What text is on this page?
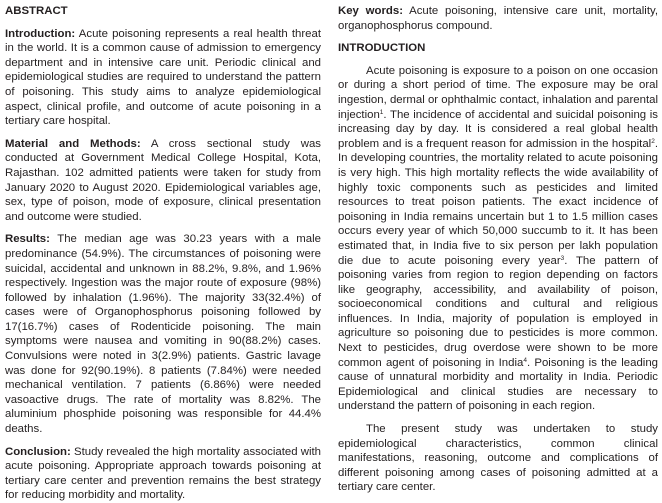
ABSTRACT

Introduction: Acute poisoning represents a real health threat in the world. It is a common cause of admission to emergency department and in intensive care unit. Periodic clinical and epidemiological studies are required to understand the pattern of poisoning. This study aims to analyze epidemiological aspect, clinical profile, and outcome of acute poisoning in a tertiary care hospital.

Material and Methods: A cross sectional study was conducted at Government Medical College Hospital, Kota, Rajasthan. 102 admitted patients were taken for study from January 2020 to August 2020. Epidemiological variables age, sex, type of poison, mode of exposure, clinical presentation and outcome were studied.

Results: The median age was 30.23 years with a male predominance (54.9%). The circumstances of poisoning were suicidal, accidental and unknown in 88.2%, 9.8%, and 1.96% respectively. Ingestion was the major route of exposure (98%) followed by inhalation (1.96%). The majority 33(32.4%) of cases were of Organophosphorus poisoning followed by 17(16.7%) cases of Rodenticide poisoning. The main symptoms were nausea and vomiting in 90(88.2%) cases. Convulsions were noted in 3(2.9%) patients. Gastric lavage was done for 92(90.19%). 8 patients (7.84%) were needed mechanical ventilation. 7 patients (6.86%) were needed vasoactive drugs. The rate of mortality was 8.82%. The aluminium phosphide poisoning was responsible for 44.4% deaths.

Conclusion: Study revealed the high mortality associated with acute poisoning. Appropriate approach towards poisoning at tertiary care center and prevention remains the best strategy for reducing morbidity and mortality.

Key words: Acute poisoning, intensive care unit, mortality, organophosphorus compound.

INTRODUCTION

Acute poisoning is exposure to a poison on one occasion or during a short period of time. The exposure may be oral ingestion, dermal or ophthalmic contact, inhalation and parental injection$^1$. The incidence of accidental and suicidal poisoning is increasing day by day. It is considered a real global health problem and is a frequent reason for admission in the hospital$^2$. In developing countries, the mortality related to acute poisoning is very high. This high mortality reflects the wide availability of highly toxic components such as pesticides and limited resources to treat poison patients. The exact incidence of poisoning in India remains uncertain but 1 to 1.5 million cases occurs every year of which 50,000 succumb to it. It has been estimated that, in India five to six person per lakh population die due to acute poisoning every year$^3$. The pattern of poisoning varies from region to region depending on factors like geography, accessibility, and availability of poison, socioeconomical conditions and cultural and religious influences. In India, majority of population is employed in agriculture so poisoning due to pesticides is more common. Next to pesticides, drug overdose were shown to be more common agent of poisoning in India$^4$. Poisoning is the leading cause of unnatural morbidity and mortality in India. Periodic Epidemiological and clinical studies are necessary to understand the pattern of poisoning in each region.

The present study was undertaken to study epidemiological characteristics, common clinical manifestations, reasoning, outcome and complications of different poisoning among cases of poisoning admitted at a tertiary care center.
